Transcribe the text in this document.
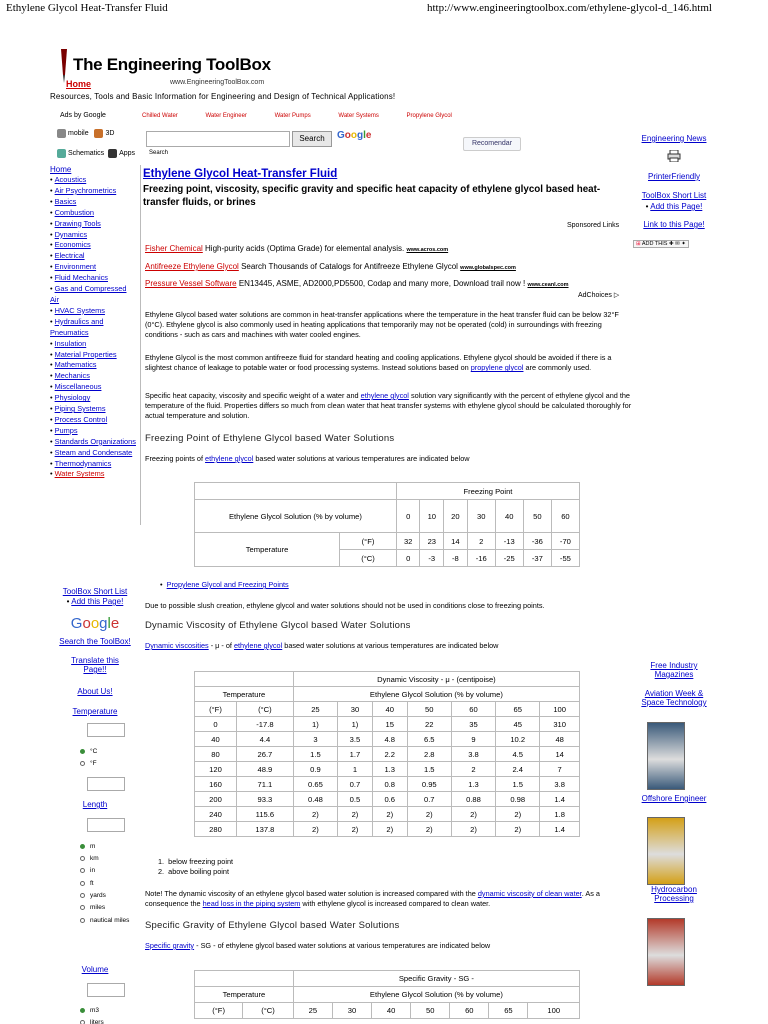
Ethylene Glycol Heat-Transfer Fluid	http://www.engineeringtoolbox.com/ethylene-glycol-d_146.html
The Engineering ToolBox
Home	www.EngineeringToolBox.com
Resources, Tools and Basic Information for Engineering and Design of Technical Applications!
Ads by Google	Chilled Water	Water Engineer	Water Pumps	Water Systems	Propylene Glycol
mobile 3D
Schematics Apps
Search	Google
Search
Recomendar
Home
• Acoustics
• Air Psychrometrics
• Basics
• Combustion
• Drawing Tools
• Dynamics
• Economics
• Electrical
• Environment
• Fluid Mechanics
• Gas and Compressed Air
• HVAC Systems
• Hydraulics and Pneumatics
• Insulation
• Material Properties
• Mathematics
• Mechanics
• Miscellaneous
• Physiology
• Piping Systems
• Process Control
• Pumps
• Standards Organizations
• Steam and Condensate
• Thermodynamics
• Water Systems
ToolBox Short List
• Add this Page!
Google
Search the ToolBox!
Translate this Page!!
About Us!
Temperature
°C
°F
Length
m
km
in
ft
yards
miles
nautical miles
Volume
m3
liters
Ethylene Glycol Heat-Transfer Fluid
Freezing point, viscosity, specific gravity and specific heat capacity of ethylene glycol based heat-transfer fluids, or brines
Sponsored Links
Fisher Chemical High-purity acids (Optima Grade) for elemental analysis. www.acros.com
Antifreeze Ethylene Glycol Search Thousands of Catalogs for Antifreeze Ethylene Glycol www.globalspec.com
Pressure Vessel Software EN13445, ASME, AD2000,PD5500, Codap and many more, Download trail now ! www.ceanl.com
AdChoices ▷
Ethylene Glycol based water solutions are common in heat-transfer applications where the temperature in the heat transfer fluid can be below 32°F (0°C). Ethylene glycol is also commonly used in heating applications that temporarily may not be operated (cold) in surroundings with freezing conditions - such as cars and machines with water cooled engines.
Ethylene Glycol is the most common antifreeze fluid for standard heating and cooling applications. Ethylene glycol should be avoided if there is a slightest chance of leakage to potable water or food processing systems. Instead solutions based on propylene glycol are commonly used.
Specific heat capacity, viscosity and specific weight of a water and ethylene glycol solution vary significantly with the percent of ethylene glycol and the temperature of the fluid. Properties differs so much from clean water that heat transfer systems with ethylene glycol should be calculated thoroughly for actual temperature and solution.
Freezing Point of Ethylene Glycol based Water Solutions
Freezing points of ethylene glycol based water solutions at various temperatures are indicated below
		Freezing Point						
Ethylene Glycol Solution (% by volume)		0	10	20	30	40	50	60
Temperature	(°F)	32	23	14	2	-13	-36	-70
	(°C)	0	-3	-8	-16	-25	-37	-55
•  Propylene Glycol and Freezing Points
Due to possible slush creation, ethylene glycol and water solutions should not be used in conditions close to freezing points.
Dynamic Viscosity of Ethylene Glycol based Water Solutions
Dynamic viscosities - μ - of ethylene glycol based water solutions at various temperatures are indicated below
		Dynamic Viscosity - μ - (centipoise)						
Temperature		Ethylene Glycol Solution (% by volume)						
(°F)	(°C)	25	30	40	50	60	65	100
0	-17.8	1)	1)	15	22	35	45	310
40	4.4	3	3.5	4.8	6.5	9	10.2	48
80	26.7	1.5	1.7	2.2	2.8	3.8	4.5	14
120	48.9	0.9	1	1.3	1.5	2	2.4	7
160	71.1	0.65	0.7	0.8	0.95	1.3	1.5	3.8
200	93.3	0.48	0.5	0.6	0.7	0.88	0.98	1.4
240	115.6	2)	2)	2)	2)	2)	2)	1.8
280	137.8	2)	2)	2)	2)	2)	2)	1.4
1.  below freezing point
2.  above boiling point
Note! The dynamic viscosity of an ethylene glycol based water solution is increased compared with the dynamic viscosity of clean water. As a consequence the head loss in the piping system with ethylene glycol is increased compared to clean water.
Specific Gravity of Ethylene Glycol based Water Solutions
Specific gravity - SG - of ethylene glycol based water solutions at various temperatures are indicated below
		Specific Gravity - SG -						
Temperature		Ethylene Glycol Solution (% by volume)						
(°F)	(°C)	25	30	40	50	60	65	100
Engineering News
PrinterFriendly
ToolBox Short List
• Add this Page!
Link to this Page!
⊞ ADD THIS ✚ ✉ ✦
Free Industry Magazines
Aviation Week & Space Technology
Offshore Engineer
Hydrocarbon Processing
